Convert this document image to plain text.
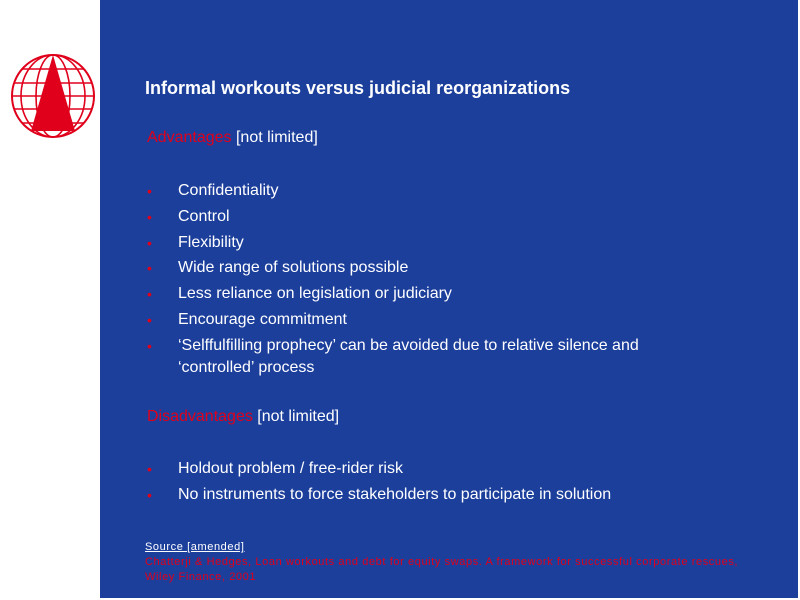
Informal workouts versus judicial reorganizations
Advantages [not limited]
• Confidentiality
• Control
• Flexibility
• Wide range of solutions possible
• Less reliance on legislation or judiciary
• Encourage commitment
• ‘Selffulfilling prophecy’ can be avoided due to relative silence and ‘controlled’ process
Disadvantages [not limited]
• Holdout problem / free-rider risk
• No instruments to force stakeholders to participate in solution
Source [amended]
Chatterji & Hedges, Loan workouts and debt for equity swaps. A framework for successful corporate rescues, Wiley Finance, 2001
